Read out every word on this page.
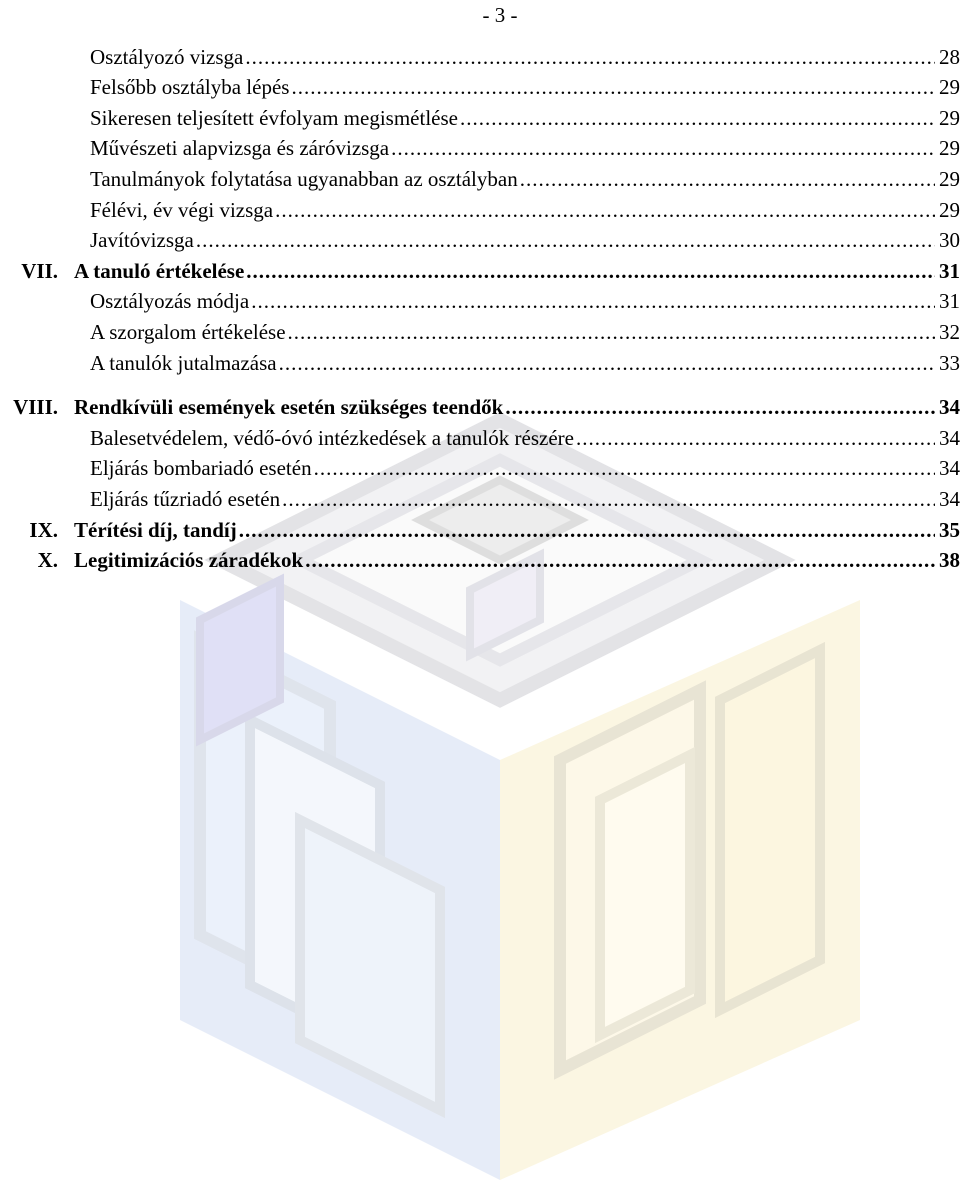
- 3 -
Osztályozó vizsga .....	28
Felsőbb osztályba lépés .....	29
Sikeresen teljesített évfolyam megismétlése .....	29
Művészeti alapvizsga és záróvizsga .....	29
Tanulmányok folytatása ugyanabban az osztályban .....	29
Félévi, év végi vizsga .....	29
Javítóvizsga .....	30
VII. A tanuló értékelése .....	31
Osztályozás módja .....	31
A szorgalom értékelése .....	32
A tanulók jutalmazása .....	33
VIII. Rendkívüli események esetén szükséges teendők .....	34
Balesetvédelem, védő-óvó intézkedések a tanulók részére .....	34
Eljárás bombariadó esetén .....	34
Eljárás tűzriadó esetén .....	34
IX. Térítési díj, tandíj .....	35
X. Legitimizációs záradékok .....	38
